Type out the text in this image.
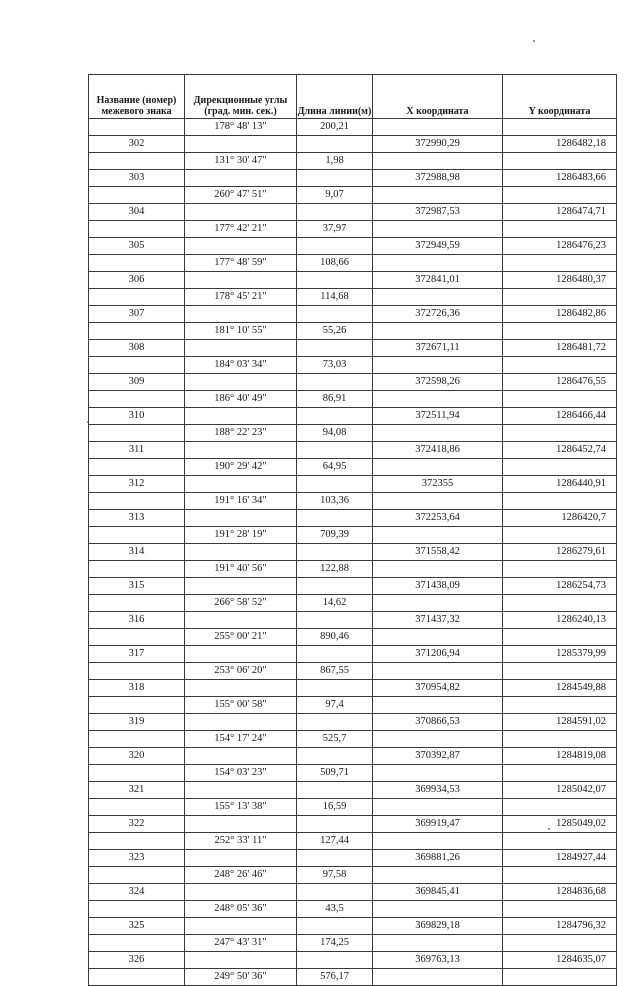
Название (номер) межевого знака	Дирекционные углы (град. мин. сек.)	Длина линии(м)	X координата	Y координата
	178° 48' 13"	200,21		
302			372990,29	1286482,18
	131° 30' 47"	1,98		
303			372988,98	1286483,66
	260° 47' 51"	9,07		
304			372987,53	1286474,71
	177° 42' 21"	37,97		
305			372949,59	1286476,23
	177° 48' 59"	108,66		
306			372841,01	1286480,37
	178° 45' 21"	114,68		
307			372726,36	1286482,86
	181° 10' 55"	55,26		
308			372671,11	1286481,72
	184° 03' 34"	73,03		
309			372598,26	1286476,55
	186° 40' 49"	86,91		
310			372511,94	1286466,44
	188° 22' 23"	94,08		
311			372418,86	1286452,74
	190° 29' 42"	64,95		
312			372355	1286440,91
	191° 16' 34"	103,36		
313			372253,64	1286420,7
	191° 28' 19"	709,39		
314			371558,42	1286279,61
	191° 40' 56"	122,88		
315			371438,09	1286254,73
	266° 58' 52"	14,62		
316			371437,32	1286240,13
	255° 00' 21"	890,46		
317			371206,94	1285379,99
	253° 06' 20"	867,55		
318			370954,82	1284549,88
	155° 00' 58"	97,4		
319			370866,53	1284591,02
	154° 17' 24"	525,7		
320			370392,87	1284819,08
	154° 03' 23"	509,71		
321			369934,53	1285042,07
	155° 13' 38"	16,59		
322			369919,47	1285049,02
	252° 33' 11"	127,44		
323			369881,26	1284927,44
	248° 26' 46"	97,58		
324			369845,41	1284836,68
	248° 05' 36"	43,5		
325			369829,18	1284796,32
	247° 43' 31"	174,25		
326			369763,13	1284635,07
	249° 50' 36"	576,17		
